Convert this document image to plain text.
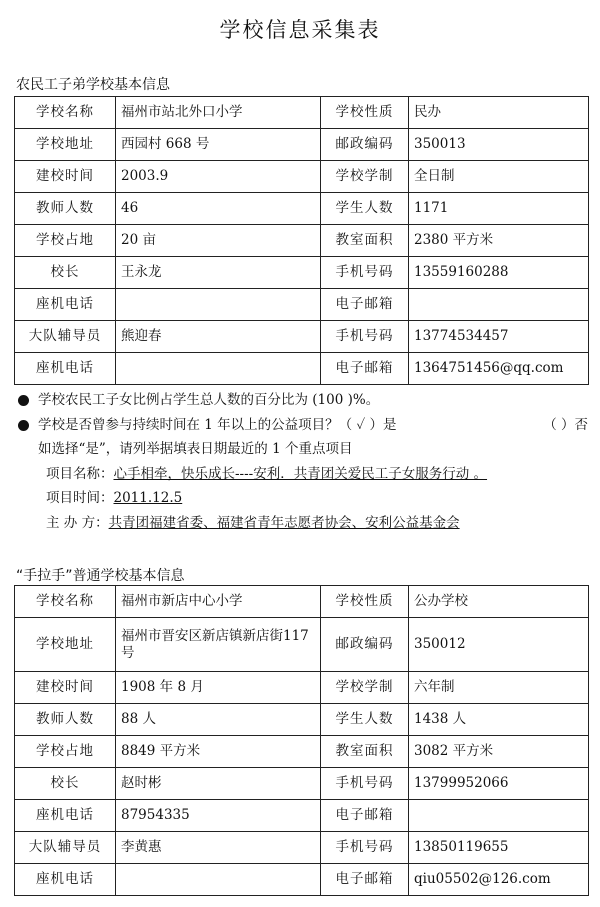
学校信息采集表
农民工子弟学校基本信息
学校名称	福州市站北外口小学	学校性质	民办
学校地址	西园村 668 号	邮政编码	350013
建校时间	2003.9	学校学制	全日制
教师人数	46	学生人数	1171
学校占地	20 亩	教室面积	2380 平方米
校长	王永龙	手机号码	13559160288
座机电话		电子邮箱	
大队辅导员	熊迎春	手机号码	13774534457
座机电话		电子邮箱	1364751456@qq.com
学校农民工子女比例占学生总人数的百分比为 (100 )%。
学校是否曾参与持续时间在 1 年以上的公益项目？（ ✓ ）是	（ ）否
如选择“是”，请列举据填表日期最近的 1 个重点项目
项目名称：心手相牵，快乐成长----安利．共青团关爱民工子女服务行动 。
项目时间：2011.12.5
主 办 方：共青团福建省委、福建省青年志愿者协会、安利公益基金会
“手拉手”普通学校基本信息
学校名称	福州市新店中心小学	学校性质	公办学校
学校地址	福州市晋安区新店镇新店街117号	邮政编码	350012
建校时间	1908 年 8 月	学校学制	六年制
教师人数	88 人	学生人数	1438 人
学校占地	8849 平方米	教室面积	3082 平方米
校长	赵时彬	手机号码	13799952066
座机电话	87954335	电子邮箱	
大队辅导员	李黄惠	手机号码	13850119655
座机电话		电子邮箱	qiu05502@126.com
